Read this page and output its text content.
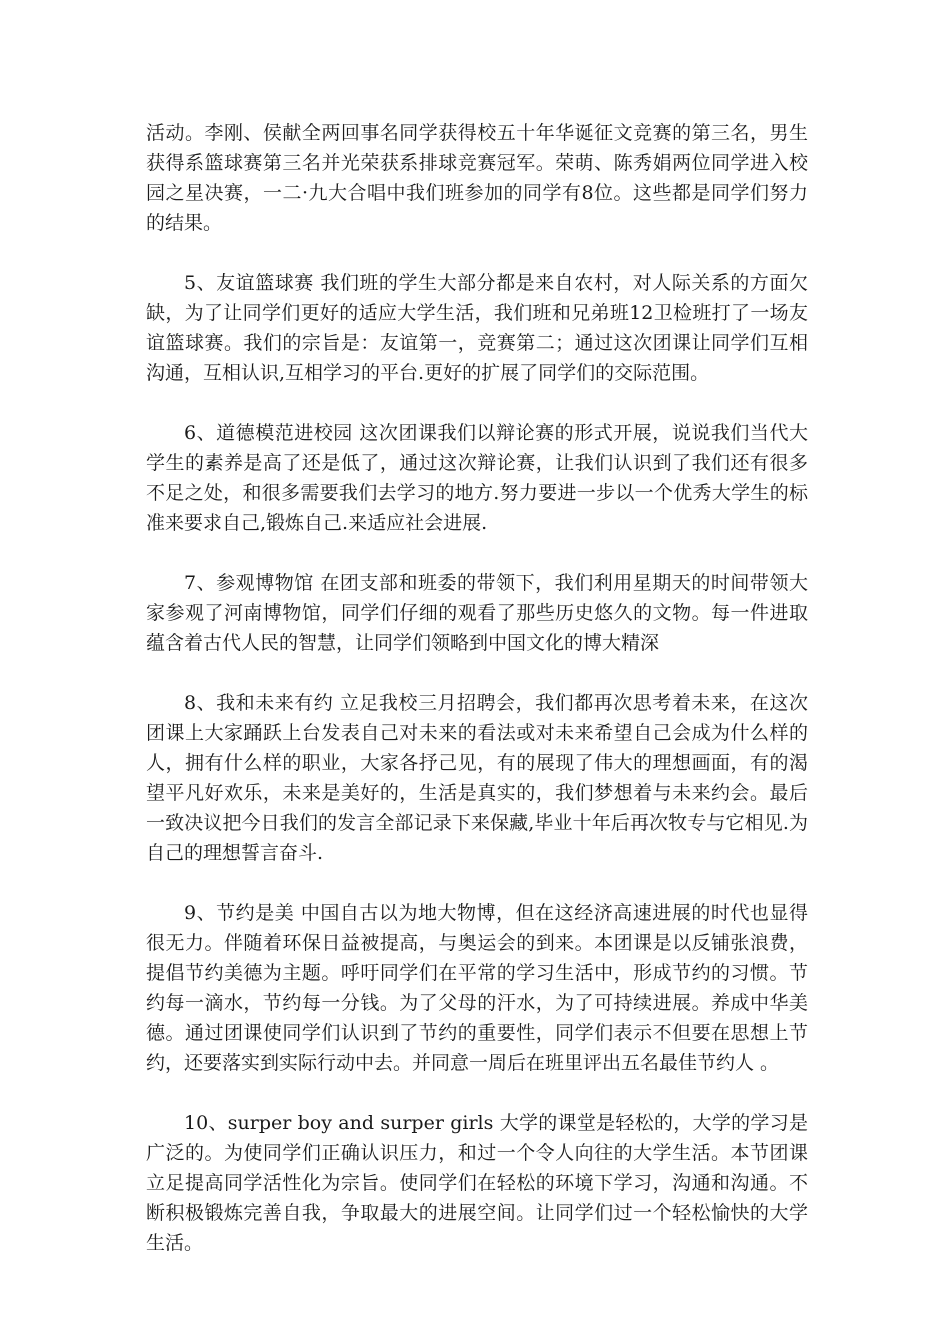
活动。李刚、侯献全两回事名同学获得校五十年华诞征文竞赛的第三名，男生获得系篮球赛第三名并光荣获系排球竞赛冠军。荣萌、陈秀娟两位同学进入校园之星决赛，一二·九大合唱中我们班参加的同学有8位。这些都是同学们努力的结果。

5、友谊篮球赛 我们班的学生大部分都是来自农村，对人际关系的方面欠缺，为了让同学们更好的适应大学生活，我们班和兄弟班12卫检班打了一场友谊篮球赛。我们的宗旨是：友谊第一，竞赛第二；通过这次团课让同学们互相沟通，互相认识,互相学习的平台.更好的扩展了同学们的交际范围。

6、道德模范进校园 这次团课我们以辩论赛的形式开展，说说我们当代大学生的素养是高了还是低了，通过这次辩论赛，让我们认识到了我们还有很多不足之处，和很多需要我们去学习的地方.努力要进一步以一个优秀大学生的标准来要求自己,锻炼自己.来适应社会进展.

7、参观博物馆 在团支部和班委的带领下，我们利用星期天的时间带领大家参观了河南博物馆，同学们仔细的观看了那些历史悠久的文物。每一件进取蕴含着古代人民的智慧，让同学们领略到中国文化的博大精深

8、我和未来有约 立足我校三月招聘会，我们都再次思考着未来，在这次团课上大家踊跃上台发表自己对未来的看法或对未来希望自己会成为什么样的人，拥有什么样的职业，大家各抒己见，有的展现了伟大的理想画面，有的渴望平凡好欢乐，未来是美好的，生活是真实的，我们梦想着与未来约会。最后一致决议把今日我们的发言全部记录下来保藏,毕业十年后再次牧专与它相见.为自己的理想誓言奋斗.

9、节约是美 中国自古以为地大物博，但在这经济高速进展的时代也显得很无力。伴随着环保日益被提高，与奥运会的到来。本团课是以反铺张浪费，提倡节约美德为主题。呼吁同学们在平常的学习生活中，形成节约的习惯。节约每一滴水，节约每一分钱。为了父母的汗水，为了可持续进展。养成中华美德。通过团课使同学们认识到了节约的重要性，同学们表示不但要在思想上节约，还要落实到实际行动中去。并同意一周后在班里评出五名最佳节约人 。

10、surper boy and surper girls 大学的课堂是轻松的，大学的学习是广泛的。为使同学们正确认识压力，和过一个令人向往的大学生活。本节团课立足提高同学活性化为宗旨。使同学们在轻松的环境下学习，沟通和沟通。不断积极锻炼完善自我，争取最大的进展空间。让同学们过一个轻松愉快的大学生活。
